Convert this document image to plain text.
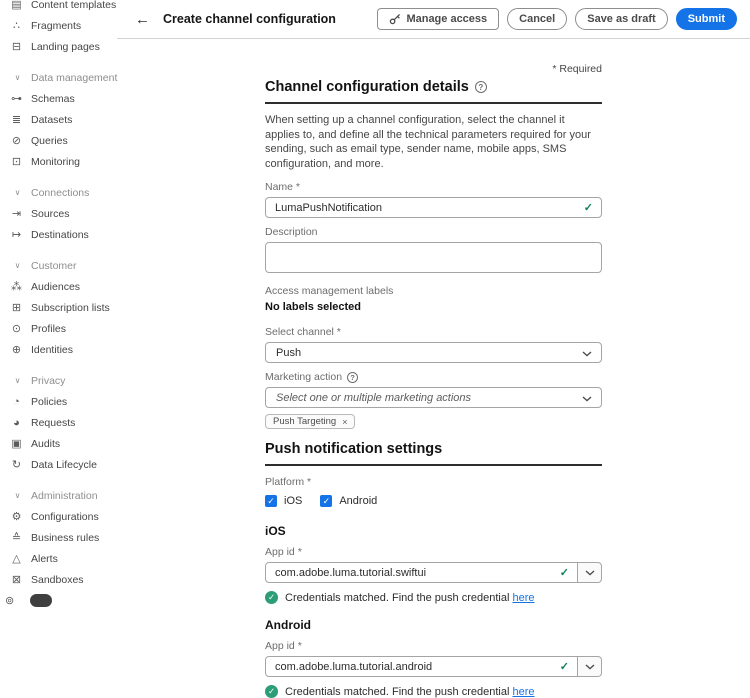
▤ Content templates
∴	Fragments
⊟ Landing pages
∨	Data management
⊶ Schemas
≣ Datasets
⊘ Queries
⊡ Monitoring
∨	Connections
⇥ Sources
↦ Destinations
∨	Customer
⁂ Audiences
⊞ Subscription lists
⊙ Profiles
⊕ Identities
∨	Privacy
◔	Policies
◕	Requests
▣ Audits
↻ Data Lifecycle
∨	Administration
⚙ Configurations
≙ Business rules
△ Alerts
⊠ Sandboxes
⊚
← Create channel configuration	Manage access	Cancel	Save as draft	Submit
* Required
Channel configuration details	?

When setting up a channel configuration, select the channel it applies to, and define all the technical parameters required for your sending, such as email type, sender name, mobile apps, SMS configuration, and more.

Name *
LumaPushNotification	✓
Description
Access management labels
No labels selected
Select channel *
Push
Marketing action	?
Select one or multiple marketing actions
Push Targeting ×
Push notification settings
Platform *
✓ iOS ✓ Android
iOS
App id *
com.adobe.luma.tutorial.swiftui	✓
✓ Credentials matched. Find the push credential here
Android
App id *
com.adobe.luma.tutorial.android	✓
✓ Credentials matched. Find the push credential here
